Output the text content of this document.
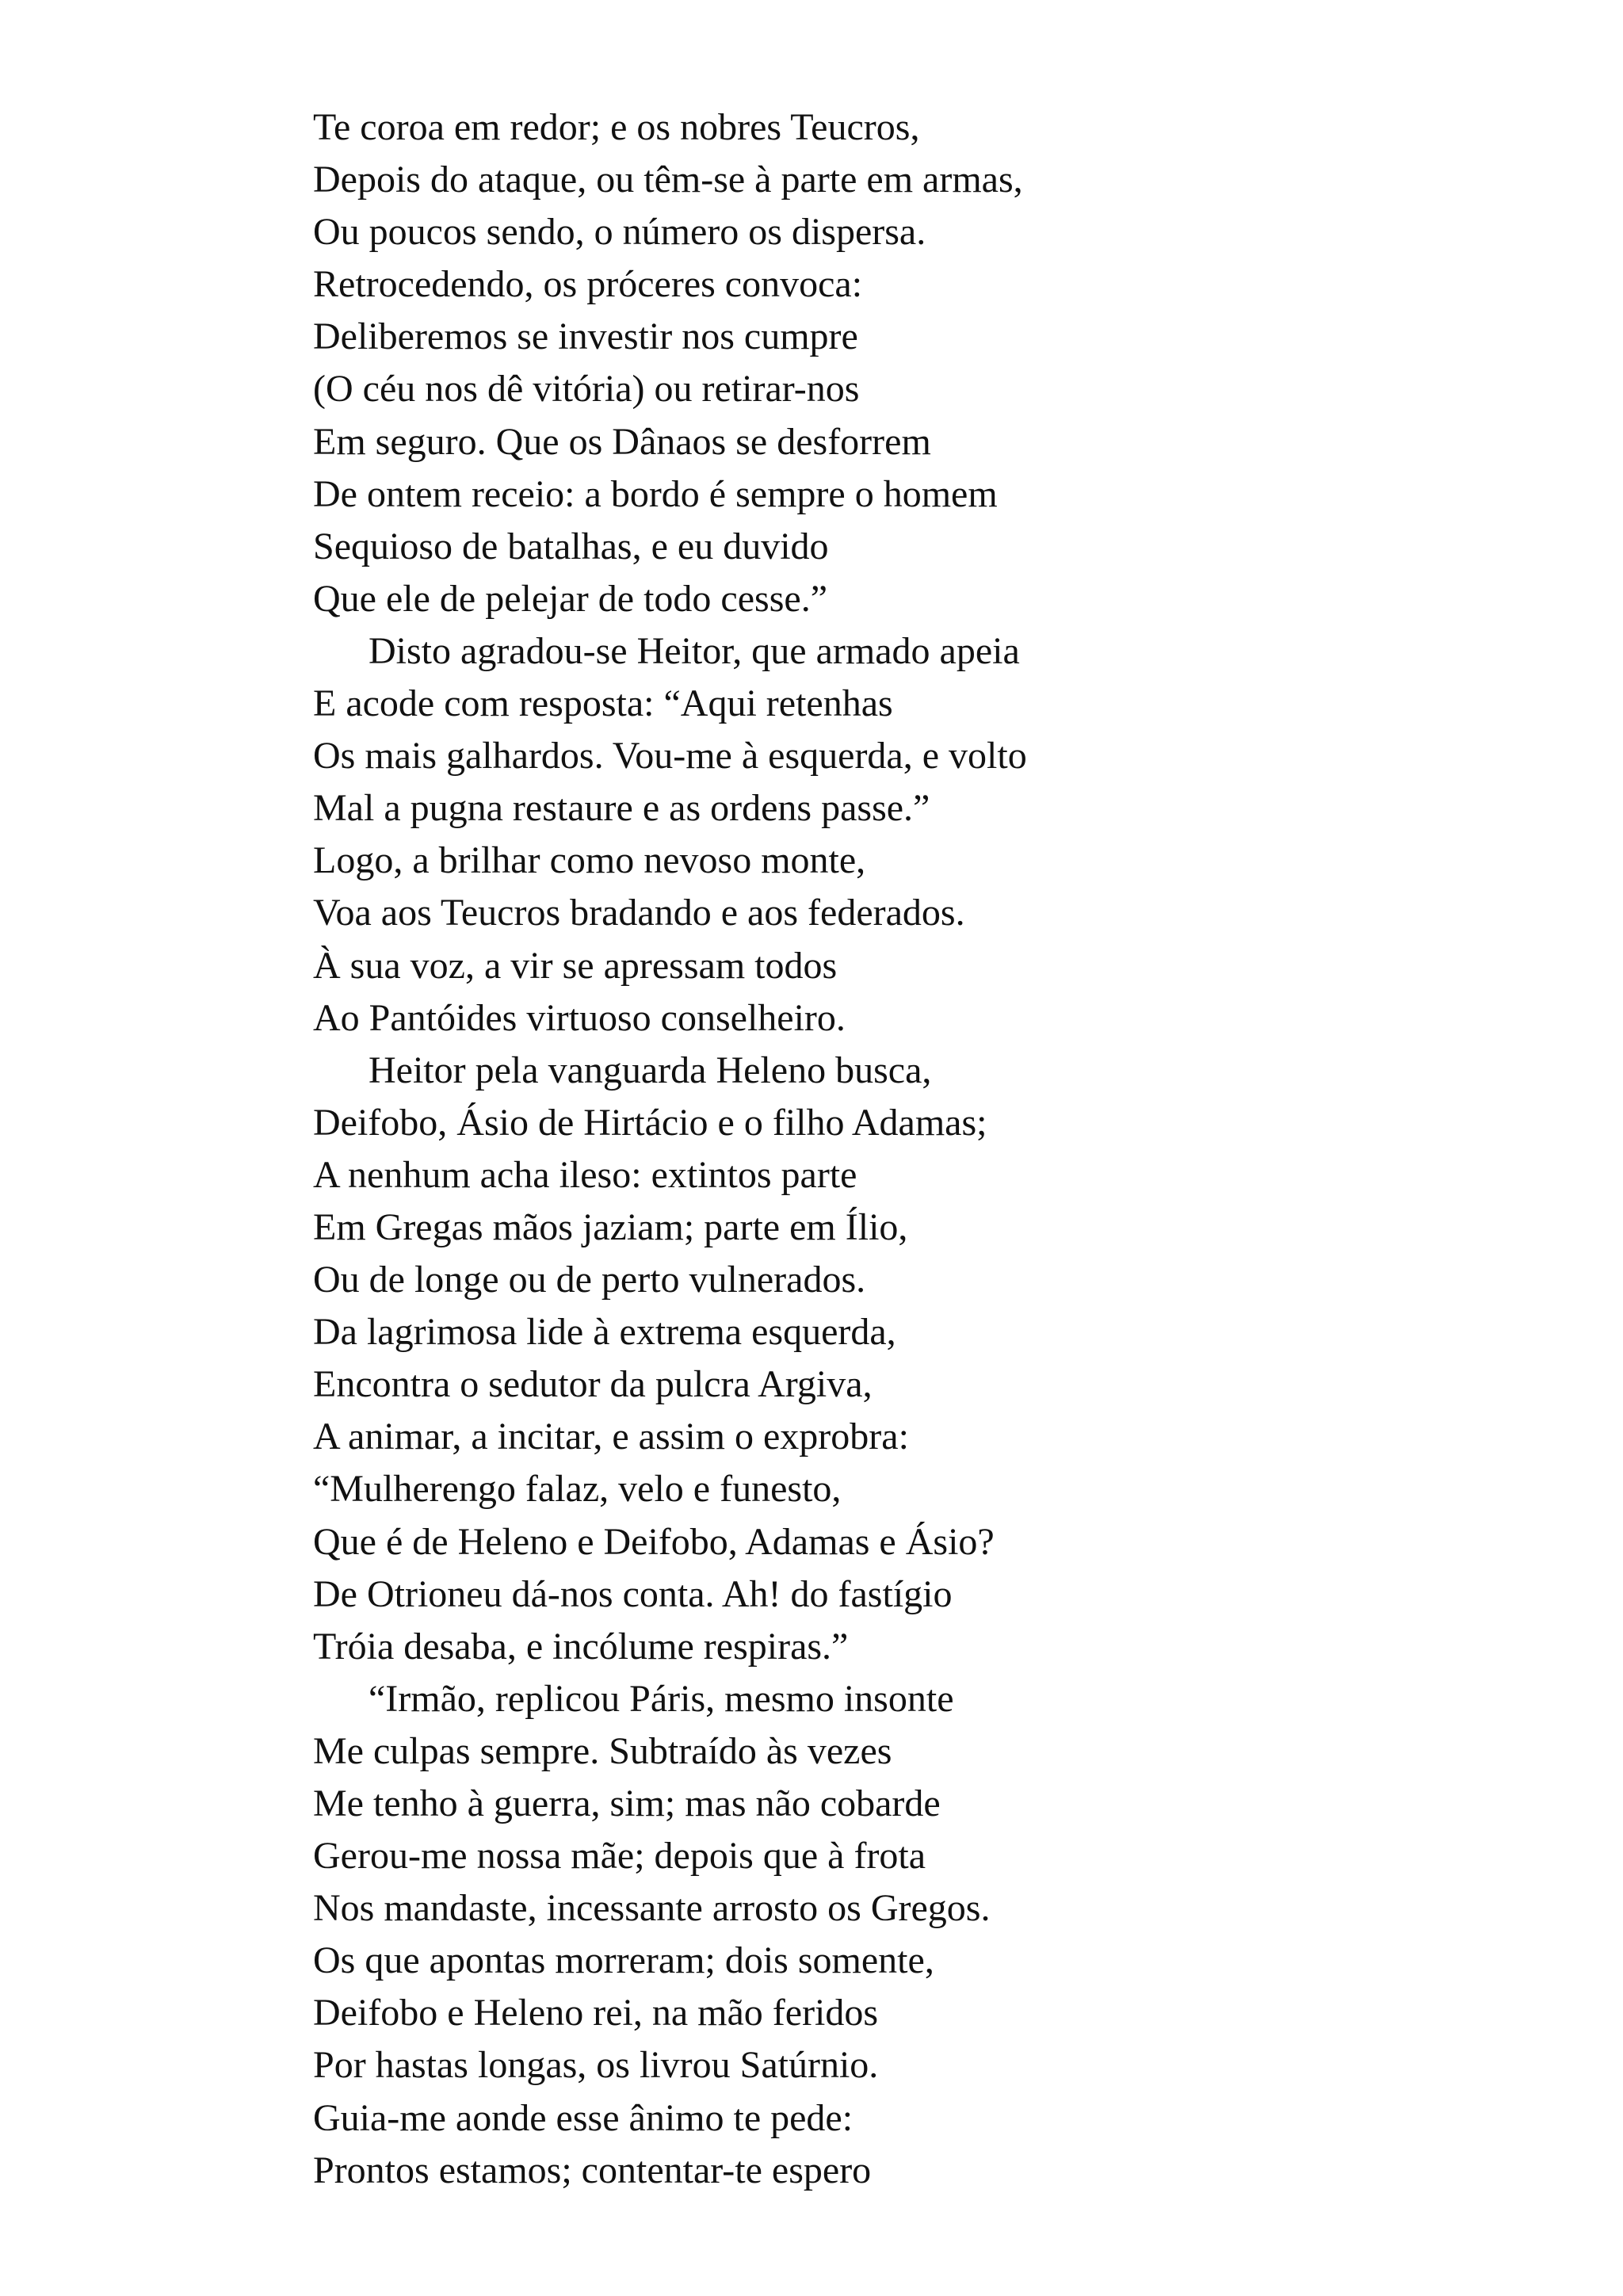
Te coroa em redor; e os nobres Teucros,
Depois do ataque, ou têm-se à parte em armas,
Ou poucos sendo, o número os dispersa.
Retrocedendo, os próceres convoca:
Deliberemos se investir nos cumpre
(O céu nos dê vitória) ou retirar-nos
Em seguro. Que os Dânaos se desforrem
De ontem receio: a bordo é sempre o homem
Sequioso de batalhas, e eu duvido
Que ele de pelejar de todo cesse.”
Disto agradou-se Heitor, que armado apeia
E acode com resposta: “Aqui retenhas
Os mais galhardos. Vou-me à esquerda, e volto
Mal a pugna restaure e as ordens passe.”
Logo, a brilhar como nevoso monte,
Voa aos Teucros bradando e aos federados.
À sua voz, a vir se apressam todos
Ao Pantóides virtuoso conselheiro.
Heitor pela vanguarda Heleno busca,
Deifobo, Ásio de Hirtácio e o filho Adamas;
A nenhum acha ileso: extintos parte
Em Gregas mãos jaziam; parte em Ílio,
Ou de longe ou de perto vulnerados.
Da lagrimosa lide à extrema esquerda,
Encontra o sedutor da pulcra Argiva,
A animar, a incitar, e assim o exprobra:
“Mulherengo falaz, velo e funesto,
Que é de Heleno e Deifobo, Adamas e Ásio?
De Otrioneu dá-nos conta. Ah! do fastígio
Tróia desaba, e incólume respiras.”
“Irmão, replicou Páris, mesmo insonte
Me culpas sempre. Subtraído às vezes
Me tenho à guerra, sim; mas não cobarde
Gerou-me nossa mãe; depois que à frota
Nos mandaste, incessante arrosto os Gregos.
Os que apontas morreram; dois somente,
Deifobo e Heleno rei, na mão feridos
Por hastas longas, os livrou Satúrnio.
Guia-me aonde esse ânimo te pede:
Prontos estamos; contentar-te espero
